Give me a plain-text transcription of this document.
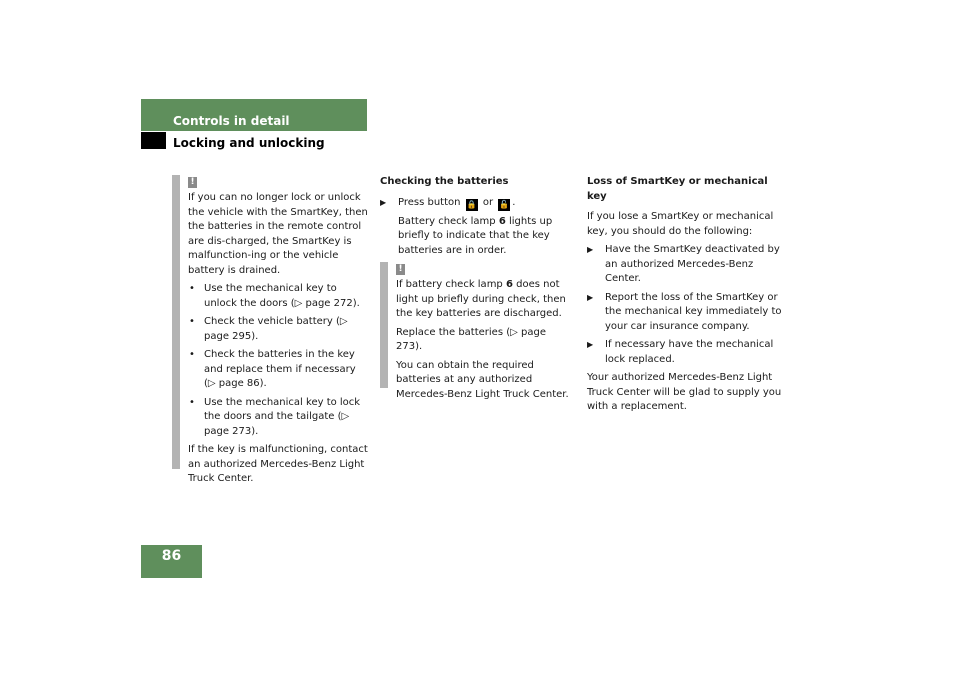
Controls in detail
Locking and unlocking
!

If you can no longer lock or unlock the vehicle with the SmartKey, then the batteries in the remote control are dis-charged, the SmartKey is malfunction-ing or the vehicle battery is drained.

• Use the mechanical key to unlock the doors (▷ page 272).
• Check the vehicle battery (▷ page 295).
• Check the batteries in the key and replace them if necessary (▷ page 86).
• Use the mechanical key to lock the doors and the tailgate (▷ page 273).

If the key is malfunctioning, contact an authorized Mercedes-Benz Light Truck Center.

Checking the batteries
▶ Press button 🔒 or 🔓 .

Battery check lamp 6 lights up briefly to indicate that the key batteries are in order.

!

If battery check lamp 6 does not light up briefly during check, then the key batteries are discharged.

Replace the batteries (▷ page 273).

You can obtain the required batteries at any authorized Mercedes-Benz Light Truck Center.

Loss of SmartKey or mechanical key

If you lose a SmartKey or mechanical key, you should do the following:

▶ Have the SmartKey deactivated by an authorized Mercedes-Benz Center.
▶ Report the loss of the SmartKey or the mechanical key immediately to your car insurance company.
▶ If necessary have the mechanical lock replaced.

Your authorized Mercedes-Benz Light Truck Center will be glad to supply you with a replacement.

86
